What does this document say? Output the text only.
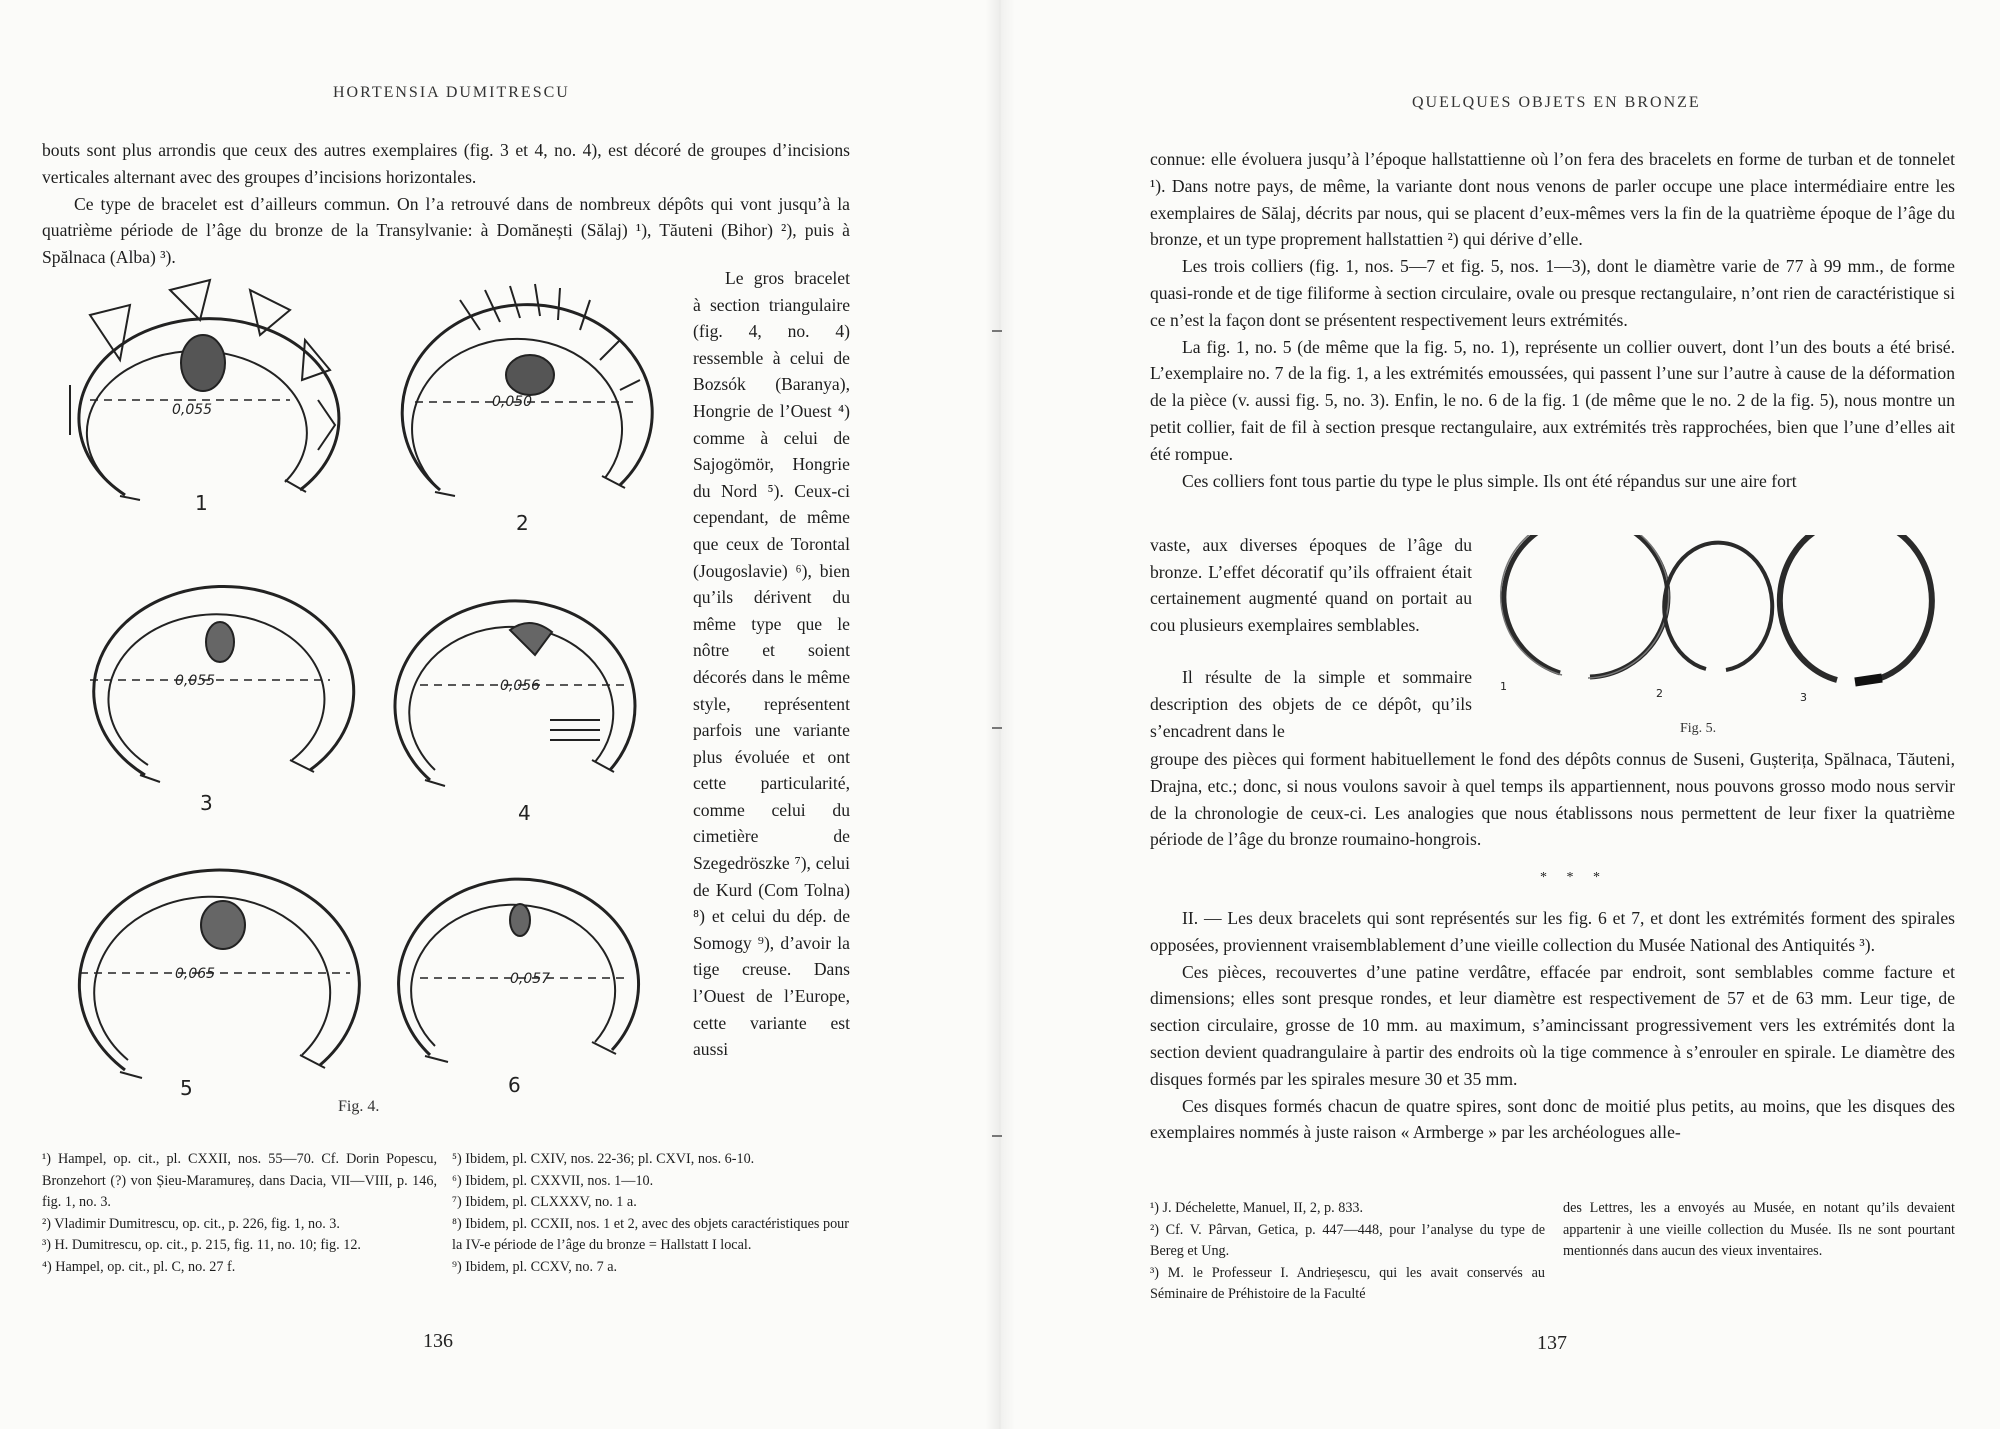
HORTENSIA DUMITRESCU

bouts sont plus arrondis que ceux des autres exemplaires (fig. 3 et 4, no. 4), est décoré de groupes d’incisions verticales alternant avec des groupes d’incisions horizontales.

Ce type de bracelet est d’ailleurs commun. On l’a retrouvé dans de nombreux dépôts qui vont jusqu’à la quatrième période de l’âge du bronze de la Transylvanie: à Domănești (Sălaj) ¹), Tăuteni (Bihor) ²), puis à Spălnaca (Alba) ³).

0,055	0,050
0,055	0,056
0,065	0,057
1
2
3	4
5	6
Fig. 4.

Le gros bracelet à section triangulaire (fig. 4, no. 4) ressemble à celui de Bozsók (Baranya), Hongrie de l’Ouest ⁴) comme à celui de Sajogömör, Hongrie du Nord ⁵). Ceux-ci cependant, de même que ceux de Torontal (Jougoslavie) ⁶), bien qu’ils dérivent du même type que le nôtre et soient décorés dans le même style, représentent parfois une variante plus évoluée et ont cette particularité, comme celui du cimetière de Szegedröszke ⁷), celui de Kurd (Com Tolna) ⁸) et celui du dép. de Somogy ⁹), d’avoir la tige creuse. Dans l’Ouest de l’Europe, cette variante est aussi

¹) Hampel, op. cit., pl. CXXII, nos. 55—70. Cf. Dorin Popescu, Bronzehort (?) von Șieu-Maramureș, dans Dacia, VII—VIII, p. 146, fig. 1, no. 3.

²) Vladimir Dumitrescu, op. cit., p. 226, fig. 1, no. 3.

³) H. Dumitrescu, op. cit., p. 215, fig. 11, no. 10; fig. 12.

⁴) Hampel, op. cit., pl. C, no. 27 f.

⁵) Ibidem, pl. CXIV, nos. 22-36; pl. CXVI, nos. 6-10.

⁶) Ibidem, pl. CXXVII, nos. 1—10.

⁷) Ibidem, pl. CLXXXV, no. 1 a.

⁸) Ibidem, pl. CCXII, nos. 1 et 2, avec des objets caractéristiques pour la IV-e période de l’âge du bronze = Hallstatt I local.

⁹) Ibidem, pl. CCXV, no. 7 a.

136
QUELQUES OBJETS EN BRONZE

connue: elle évoluera jusqu’à l’époque hallstattienne où l’on fera des bracelets en forme de turban et de tonnelet ¹). Dans notre pays, de même, la variante dont nous venons de parler occupe une place intermédiaire entre les exemplaires de Sălaj, décrits par nous, qui se placent d’eux-mêmes vers la fin de la quatrième époque de l’âge du bronze, et un type proprement hallstattien ²) qui dérive d’elle.

Les trois colliers (fig. 1, nos. 5—7 et fig. 5, nos. 1—3), dont le diamètre varie de 77 à 99 mm., de forme quasi-ronde et de tige filiforme à section circulaire, ovale ou presque rectangulaire, n’ont rien de caractéristique si ce n’est la façon dont se présentent respectivement leurs extrémités.

La fig. 1, no. 5 (de même que la fig. 5, no. 1), représente un collier ouvert, dont l’un des bouts a été brisé. L’exemplaire no. 7 de la fig. 1, a les extrémités emoussées, qui passent l’une sur l’autre à cause de la déformation de la pièce (v. aussi fig. 5, no. 3). Enfin, le no. 6 de la fig. 1 (de même que le no. 2 de la fig. 5), nous montre un petit collier, fait de fil à section presque rectangulaire, aux extrémités très rapprochées, bien que l’une d’elles ait été rompue.

Ces colliers font tous partie du type le plus simple. Ils ont été répandus sur une aire fort

vaste, aux diverses époques de l’âge du bronze. L’effet décoratif qu’ils offraient était certainement augmenté quand on portait au cou plusieurs exemplaires semblables.

Il résulte de la simple et sommaire description des objets de ce dépôt, qu’ils s’encadrent dans le

1
2	3
Fig. 5.

groupe des pièces qui forment habituellement le fond des dépôts connus de Suseni, Gușterița, Spălnaca, Tăuteni, Drajna, etc.; donc, si nous voulons savoir à quel temps ils appartiennent, nous pouvons grosso modo nous servir de la chronologie de ceux-ci. Les analogies que nous établissons nous permettent de leur fixer la quatrième période de l’âge du bronze roumaino-hongrois.

* * *

II. — Les deux bracelets qui sont représentés sur les fig. 6 et 7, et dont les extrémités forment des spirales opposées, proviennent vraisemblablement d’une vieille collection du Musée National des Antiquités ³).

Ces pièces, recouvertes d’une patine verdâtre, effacée par endroit, sont semblables comme facture et dimensions; elles sont presque rondes, et leur diamètre est respectivement de 57 et de 63 mm. Leur tige, de section circulaire, grosse de 10 mm. au maximum, s’amincissant progressivement vers les extrémités dont la section devient quadrangulaire à partir des endroits où la tige commence à s’enrouler en spirale. Le diamètre des disques formés par les spirales mesure 30 et 35 mm.

Ces disques formés chacun de quatre spires, sont donc de moitié plus petits, au moins, que les disques des exemplaires nommés à juste raison « Armberge » par les archéologues alle-

¹) J. Déchelette, Manuel, II, 2, p. 833.

²) Cf. V. Pârvan, Getica, p. 447—448, pour l’analyse du type de Bereg et Ung.

³) M. le Professeur I. Andrieșescu, qui les avait conservés au Séminaire de Préhistoire de la Faculté

des Lettres, les a envoyés au Musée, en notant qu’ils devaient appartenir à une vieille collection du Musée. Ils ne sont pourtant mentionnés dans aucun des vieux inventaires.

137
